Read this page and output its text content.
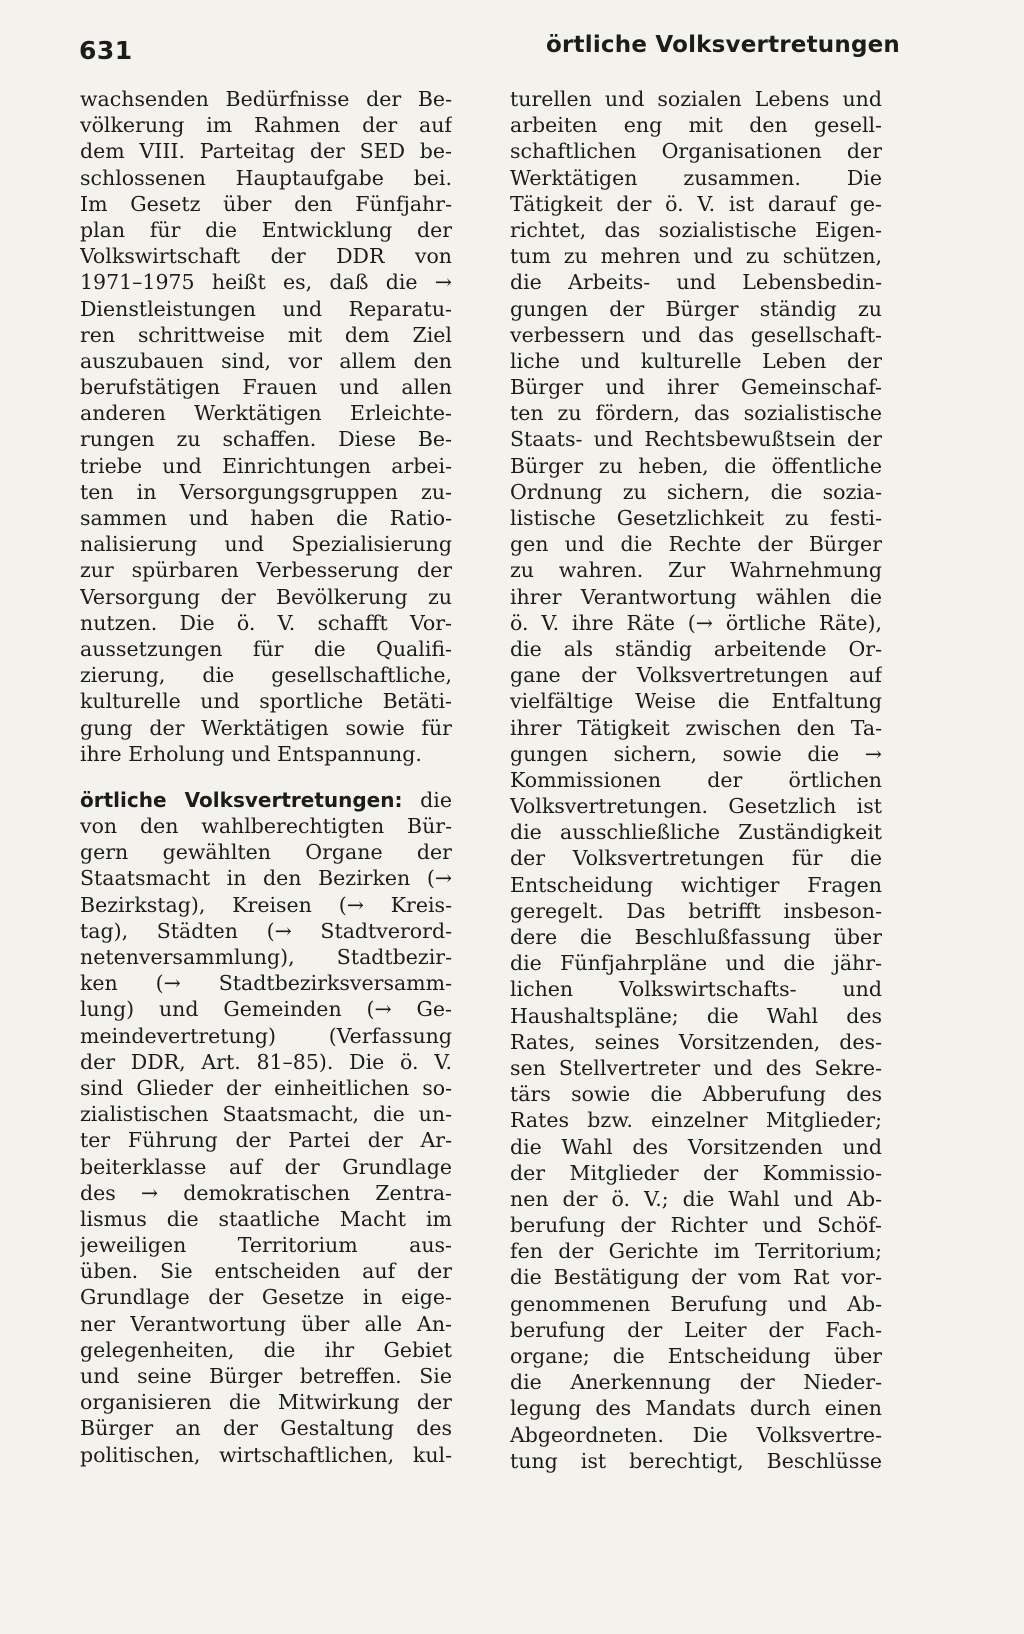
631	örtliche Volksvertretungen
wachsenden Bedürfnisse der Be-
völkerung im Rahmen der auf
dem VIII. Parteitag der SED be-
schlossenen Hauptaufgabe bei.
Im Gesetz über den Fünfjahr-
plan für die Entwicklung der
Volkswirtschaft der DDR von
1971–1975 heißt es, daß die →
Dienstleistungen und Reparatu-
ren schrittweise mit dem Ziel
auszubauen sind, vor allem den
berufstätigen Frauen und allen
anderen Werktätigen Erleichte-
rungen zu schaffen. Diese Be-
triebe und Einrichtungen arbei-
ten in Versorgungsgruppen zu-
sammen und haben die Ratio-
nalisierung und Spezialisierung
zur spürbaren Verbesserung der
Versorgung der Bevölkerung zu
nutzen. Die ö. V. schafft Vor-
aussetzungen für die Qualifi-
zierung, die gesellschaftliche,
kulturelle und sportliche Betäti-
gung der Werktätigen sowie für
ihre Erholung und Entspannung.
örtliche Volksvertretungen: die
von den wahlberechtigten Bür-
gern gewählten Organe der
Staatsmacht in den Bezirken (→
Bezirkstag), Kreisen (→ Kreis-
tag), Städten (→ Stadtverord-
netenversammlung), Stadtbezir-
ken (→ Stadtbezirksversamm-
lung) und Gemeinden (→ Ge-
meindevertretung) (Verfassung
der DDR, Art. 81–85). Die ö. V.
sind Glieder der einheitlichen so-
zialistischen Staatsmacht, die un-
ter Führung der Partei der Ar-
beiterklasse auf der Grundlage
des → demokratischen Zentra-
lismus die staatliche Macht im
jeweiligen Territorium aus-
üben. Sie entscheiden auf der
Grundlage der Gesetze in eige-
ner Verantwortung über alle An-
gelegenheiten, die ihr Gebiet
und seine Bürger betreffen. Sie
organisieren die Mitwirkung der
Bürger an der Gestaltung des
politischen, wirtschaftlichen, kul-
turellen und sozialen Lebens und
arbeiten eng mit den gesell-
schaftlichen Organisationen der
Werktätigen zusammen. Die
Tätigkeit der ö. V. ist darauf ge-
richtet, das sozialistische Eigen-
tum zu mehren und zu schützen,
die Arbeits- und Lebensbedin-
gungen der Bürger ständig zu
verbessern und das gesellschaft-
liche und kulturelle Leben der
Bürger und ihrer Gemeinschaf-
ten zu fördern, das sozialistische
Staats- und Rechtsbewußtsein der
Bürger zu heben, die öffentliche
Ordnung zu sichern, die sozia-
listische Gesetzlichkeit zu festi-
gen und die Rechte der Bürger
zu wahren. Zur Wahrnehmung
ihrer Verantwortung wählen die
ö. V. ihre Räte (→ örtliche Räte),
die als ständig arbeitende Or-
gane der Volksvertretungen auf
vielfältige Weise die Entfaltung
ihrer Tätigkeit zwischen den Ta-
gungen sichern, sowie die →
Kommissionen der örtlichen
Volksvertretungen. Gesetzlich ist
die ausschließliche Zuständigkeit
der Volksvertretungen für die
Entscheidung wichtiger Fragen
geregelt. Das betrifft insbeson-
dere die Beschlußfassung über
die Fünfjahrpläne und die jähr-
lichen Volkswirtschafts- und
Haushaltspläne; die Wahl des
Rates, seines Vorsitzenden, des-
sen Stellvertreter und des Sekre-
tärs sowie die Abberufung des
Rates bzw. einzelner Mitglieder;
die Wahl des Vorsitzenden und
der Mitglieder der Kommissio-
nen der ö. V.; die Wahl und Ab-
berufung der Richter und Schöf-
fen der Gerichte im Territorium;
die Bestätigung der vom Rat vor-
genommenen Berufung und Ab-
berufung der Leiter der Fach-
organe; die Entscheidung über
die Anerkennung der Nieder-
legung des Mandats durch einen
Abgeordneten. Die Volksvertre-
tung ist berechtigt, Beschlüsse
